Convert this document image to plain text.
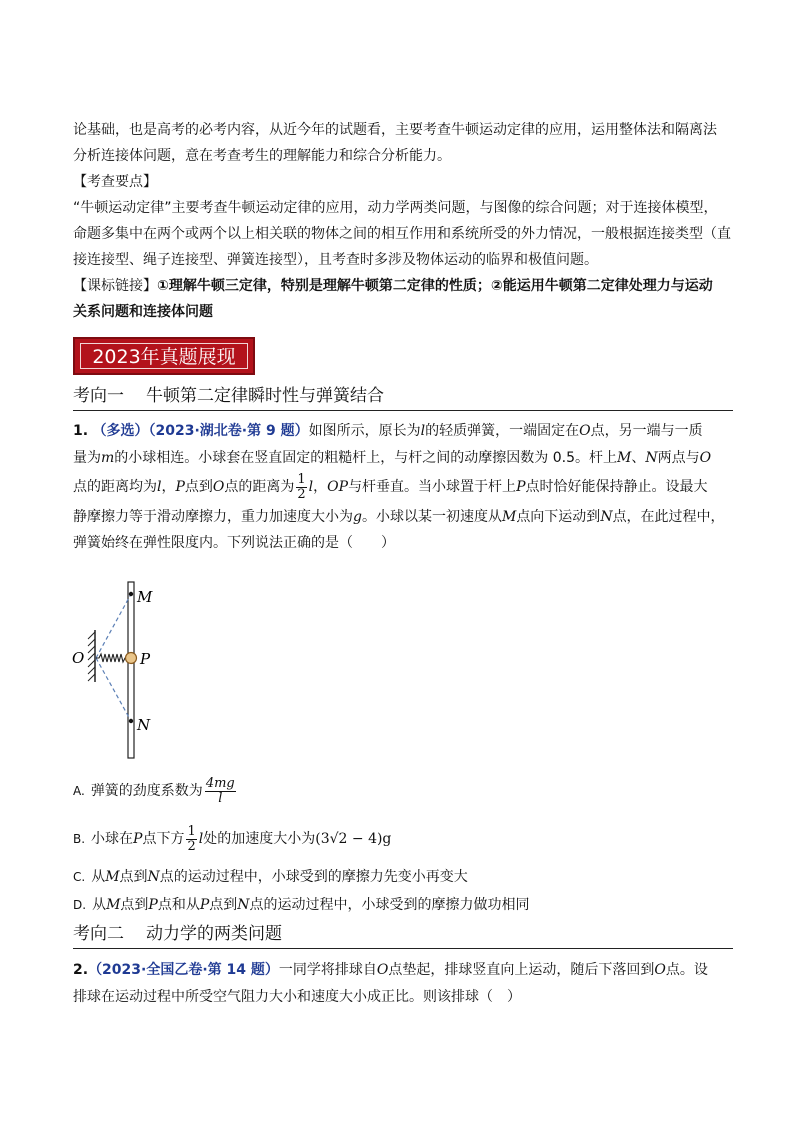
论基础，也是高考的必考内容，从近今年的试题看，主要考查牛顿运动定律的应用，运用整体法和隔离法
分析连接体问题，意在考查考生的理解能力和综合分析能力。
【考查要点】
“牛顿运动定律”主要考查牛顿运动定律的应用，动力学两类问题，与图像的综合问题；对于连接体模型，
命题多集中在两个或两个以上相关联的物体之间的相互作用和系统所受的外力情况，一般根据连接类型（直
接连接型、绳子连接型、弹簧连接型），且考查时多涉及物体运动的临界和极值问题。
【课标链接】①理解牛顿三定律，特别是理解牛顿第二定律的性质；②能运用牛顿第二定律处理力与运动
关系问题和连接体问题
2023年真题展现
考向一 牛顿第二定律瞬时性与弹簧结合
1. （多选）（2023·湖北卷·第 9 题）如图所示，原长为l的轻质弹簧，一端固定在O点，另一端与一质
量为m的小球相连。小球套在竖直固定的粗糙杆上，与杆之间的动摩擦因数为 0.5。杆上M、N两点与O
点的距离均为l，P点到O点的距离为 $\frac{1}{2}$ l，OP与杆垂直。当小球置于杆上P点时恰好能保持静止。设最大
静摩擦力等于滑动摩擦力，重力加速度大小为g。小球以某一初速度从M点向下运动到N点，在此过程中，
弹簧始终在弹性限度内。下列说法正确的是（　　）
M
O	P
N
A. 弹簧的劲度系数为 $\frac{4mg}{l}$
B. 小球在P点下方 $\frac{1}{2}$ l处的加速度大小为(3√2 − 4)g
C. 从M点到N点的运动过程中，小球受到的摩擦力先变小再变大
D. 从M点到P点和从P点到N点的运动过程中，小球受到的摩擦力做功相同
考向二 动力学的两类问题
2.（2023·全国乙卷·第 14 题）一同学将排球自O点垫起，排球竖直向上运动，随后下落回到O点。设
排球在运动过程中所受空气阻力大小和速度大小成正比。则该排球（　）
